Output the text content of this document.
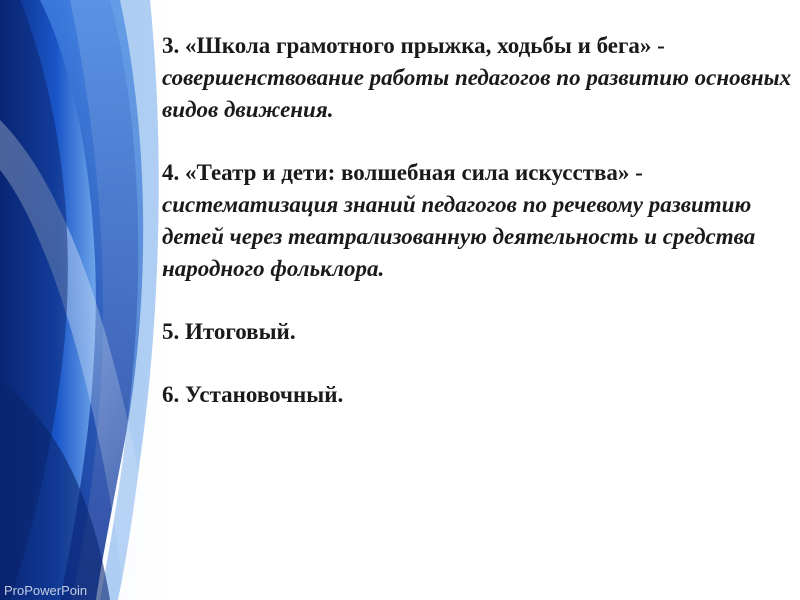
3. «Школа грамотного прыжка, ходьбы и бега» - совершенствование работы педагогов по развитию основных видов движения.

4. «Театр и дети: волшебная сила искусства» - систематизация знаний педагогов по речевому развитию детей через театрализованную деятельность и средства народного фольклора.

5. Итоговый.

6. Установочный.

ProPowerPoin
